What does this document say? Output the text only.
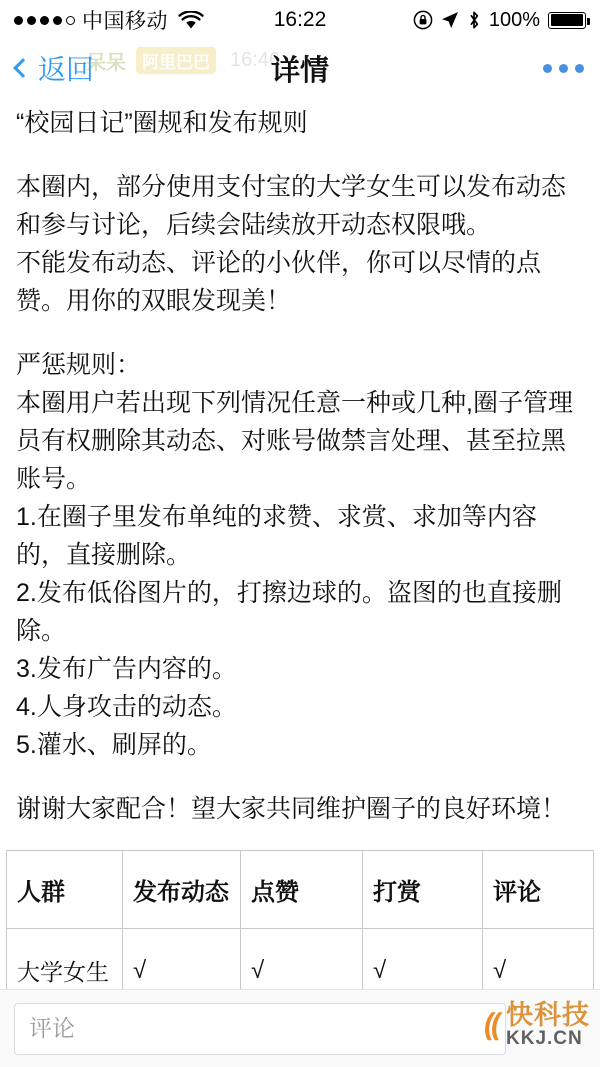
中国移动	16:22	100%
呆呆 阿里巴巴	16:46
返回	详情

“校园日记”圈规和发布规则

本圈内，部分使用支付宝的大学女生可以发布动态和参与讨论，后续会陆续放开动态权限哦。

不能发布动态、评论的小伙伴，你可以尽情的点赞。用你的双眼发现美！

严惩规则：

本圈用户若出现下列情况任意一种或几种,圈子管理员有权删除其动态、对账号做禁言处理、甚至拉黑账号。

1.在圈子里发布单纯的求赞、求赏、求加等内容的，直接删除。

2.发布低俗图片的，打擦边球的。盗图的也直接删除。

3.发布广告内容的。

4.人身攻击的动态。

5.灌水、刷屏的。

谢谢大家配合！望大家共同维护圈子的良好环境！

人群	发布动态	点赞	打赏	评论
大学女生	√	√	√	√

评论
(( 快科技
KKJ.CN
